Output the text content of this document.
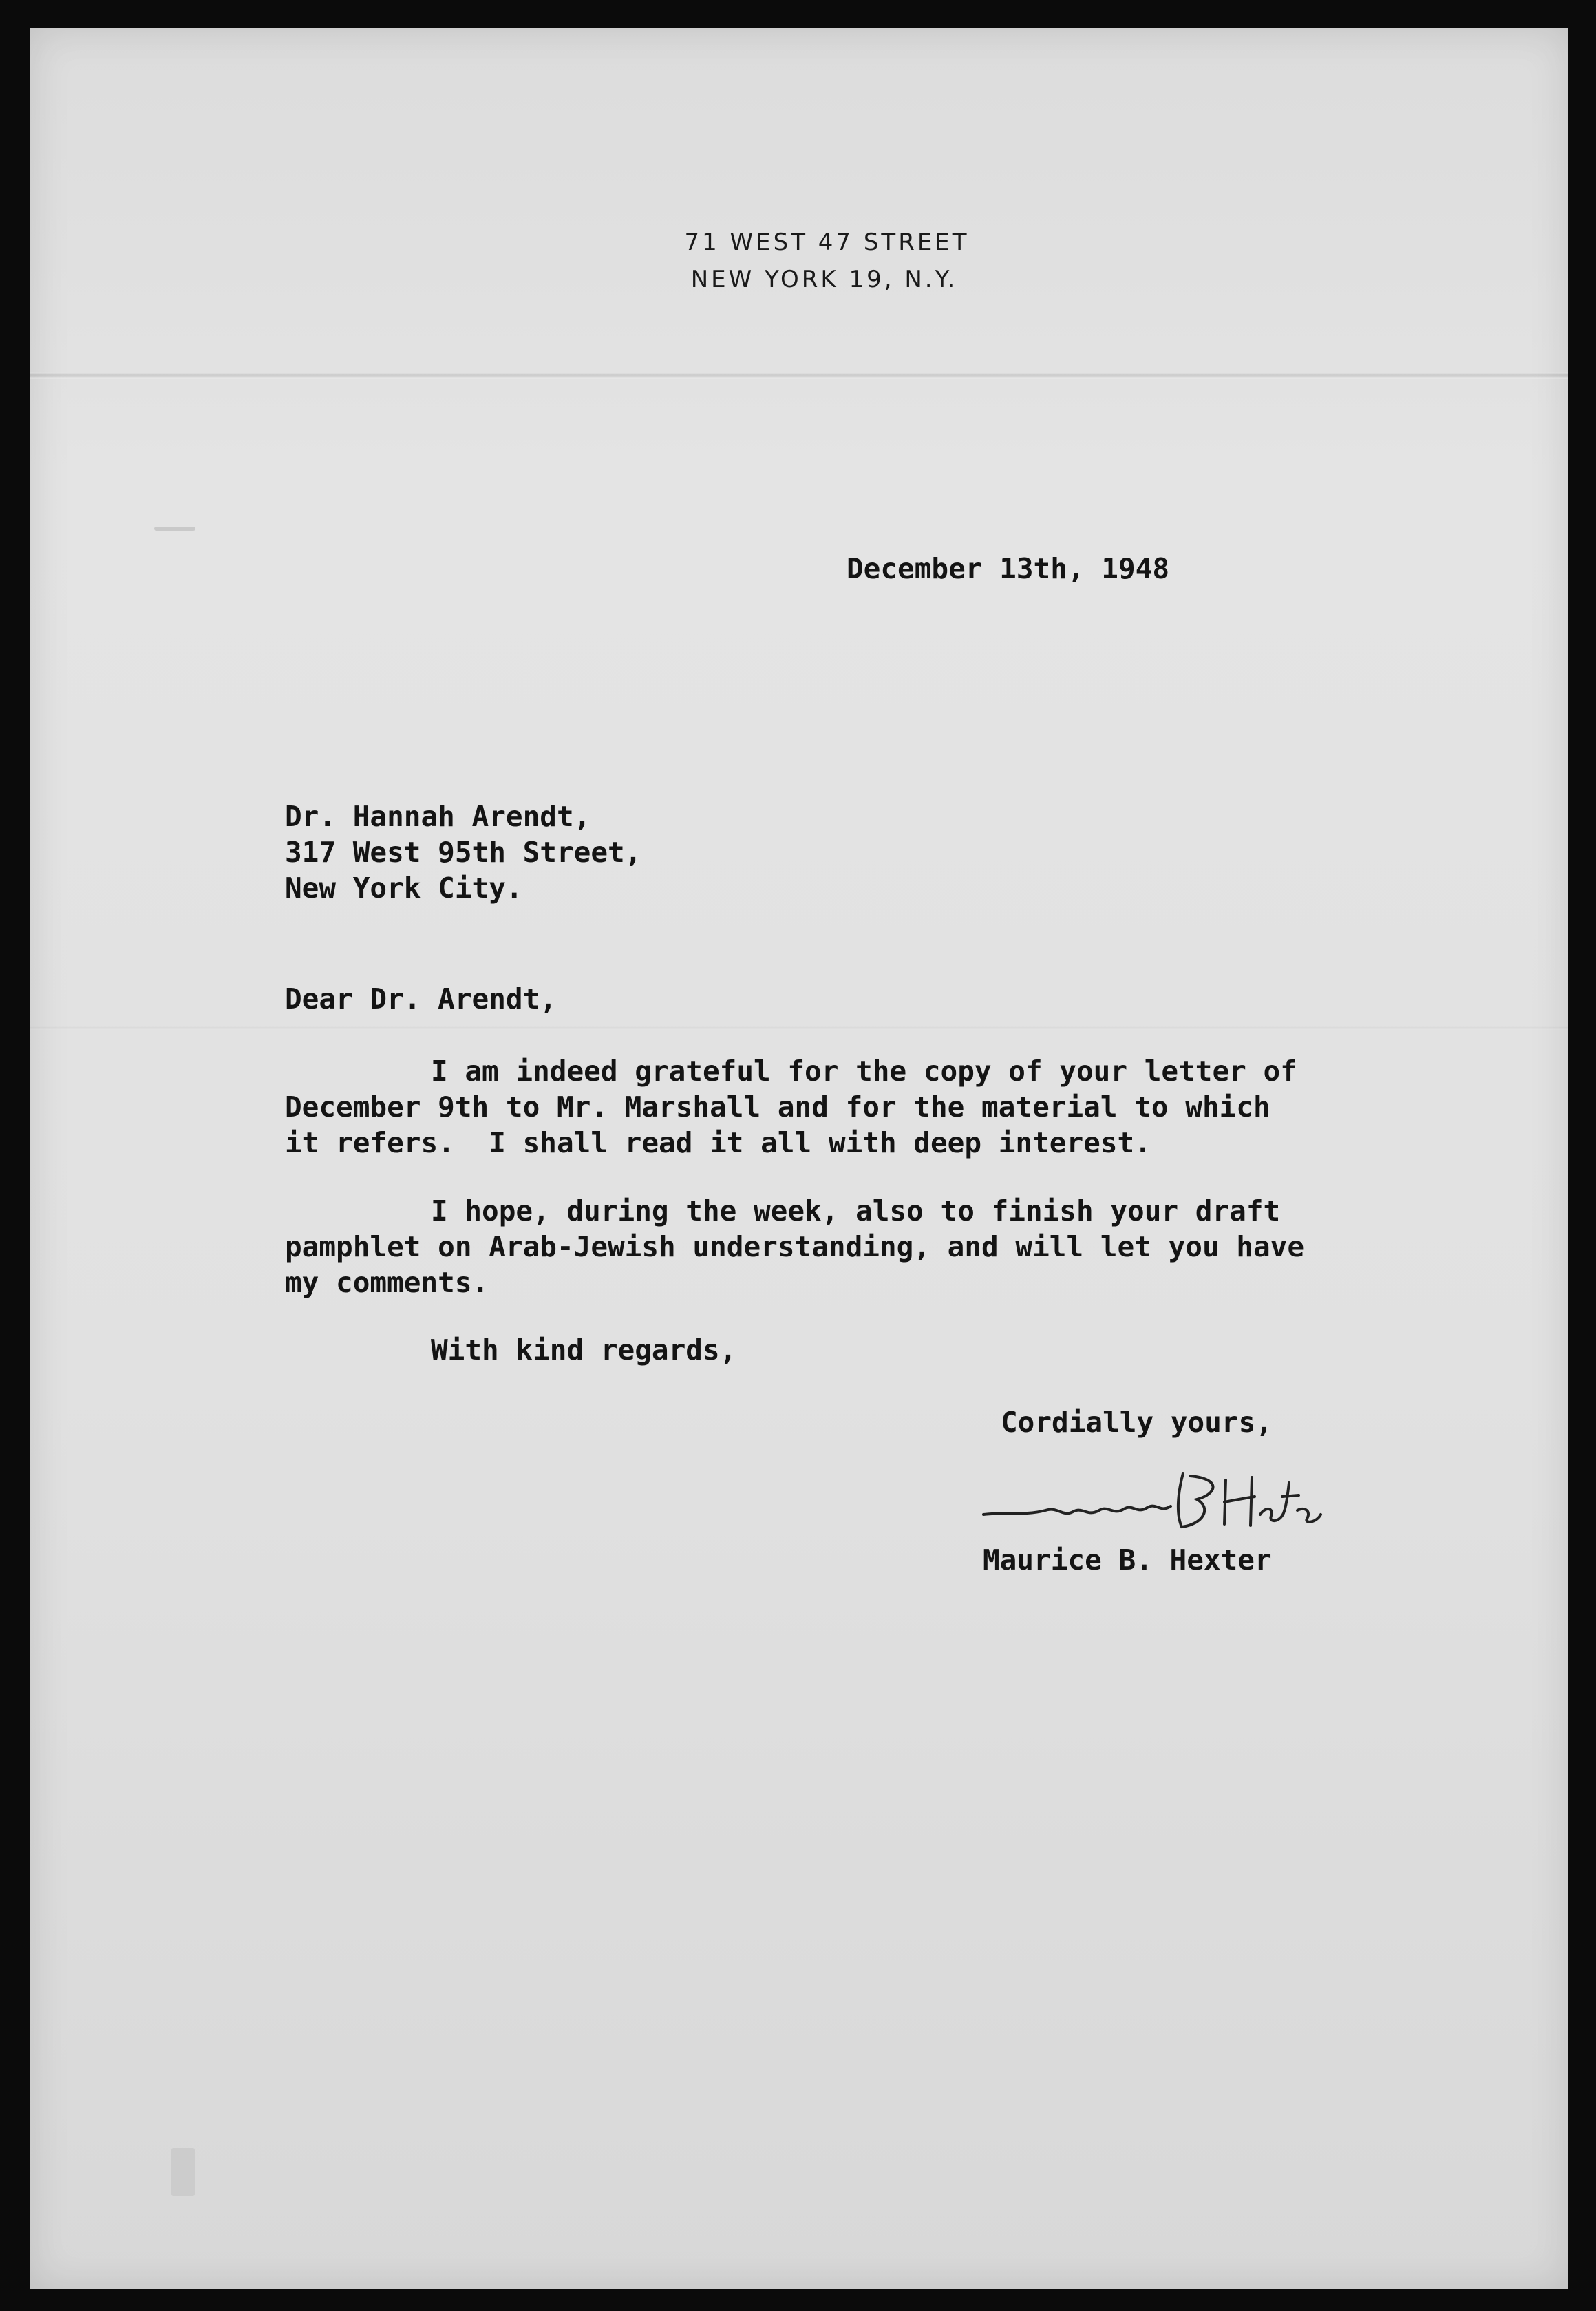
71 WEST 47 STREET
NEW YORK 19, N.Y.
December 13th, 1948
Dr. Hannah Arendt,
317 West 95th Street,
New York City.
Dear Dr. Arendt,
I am indeed grateful for the copy of your letter of
December 9th to Mr. Marshall and for the material to which
it refers.  I shall read it all with deep interest.
I hope, during the week, also to finish your draft
pamphlet on Arab-Jewish understanding, and will let you have
my comments.
With kind regards,
Cordially yours,
Maurice B. Hexter
